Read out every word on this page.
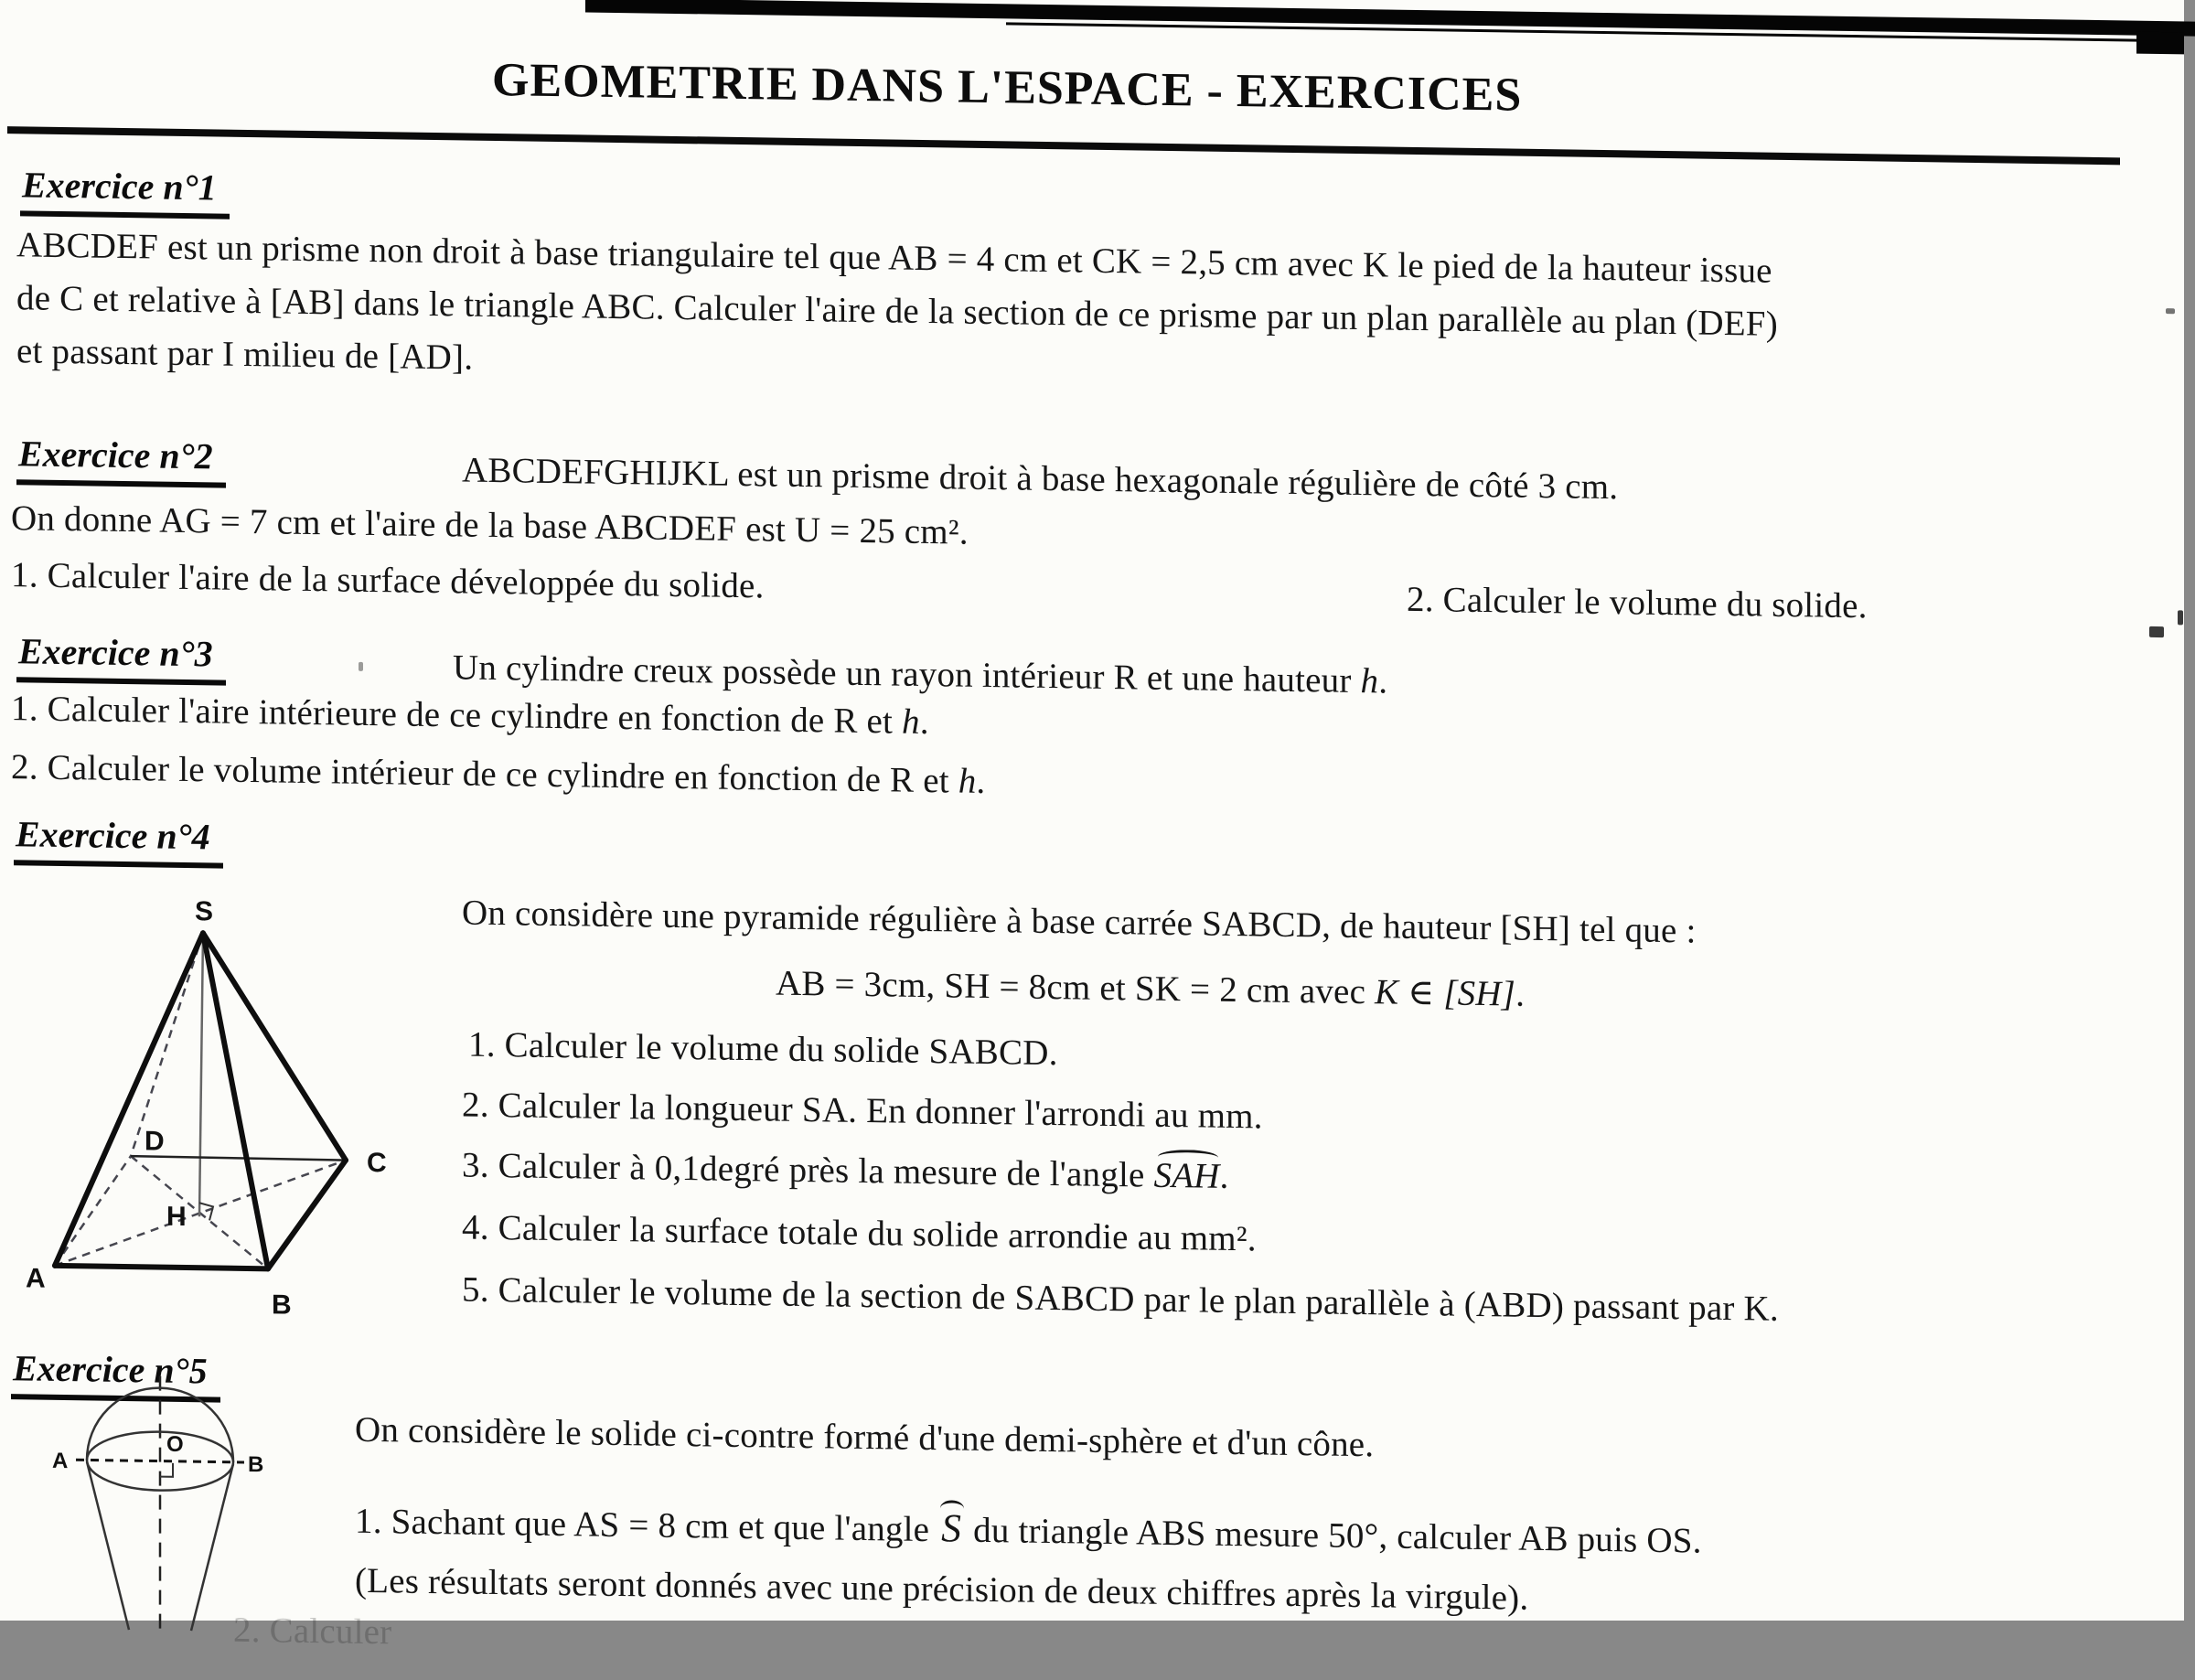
GEOMETRIE DANS L'ESPACE - EXERCICES
Exercice n°1
ABCDEF est un prisme non droit à base triangulaire tel que AB = 4 cm et CK = 2,5 cm avec K le pied de la hauteur issue
de C et relative à [AB] dans le triangle ABC. Calculer l'aire de la section de ce prisme par un plan parallèle au plan (DEF)
et passant par I milieu de [AD].
Exercice n°2	ABCDEFGHIJKL est un prisme droit à base hexagonale régulière de côté 3 cm.
On donne AG = 7 cm et l'aire de la base ABCDEF est U = 25 cm².
1. Calculer l'aire de la surface développée du solide.	2. Calculer le volume du solide.
Exercice n°3	Un cylindre creux possède un rayon intérieur R et une hauteur h.
1. Calculer l'aire intérieure de ce cylindre en fonction de R et h.
2. Calculer le volume intérieur de ce cylindre en fonction de R et h.
Exercice n°4
S
A
B
C
D
H
On considère une pyramide régulière à base carrée SABCD, de hauteur [SH] tel que :
AB = 3cm, SH = 8cm et SK = 2 cm avec K ∈ [SH].
1. Calculer le volume du solide SABCD.
2. Calculer la longueur SA. En donner l'arrondi au mm.
3. Calculer à 0,1degré près la mesure de l'angle SAH.
4. Calculer la surface totale du solide arrondie au mm².
5. Calculer le volume de la section de SABCD par le plan parallèle à (ABD) passant par K.
Exercice n°5
A
O
B
On considère le solide ci-contre formé d'une demi-sphère et d'un cône.
1. Sachant que AS = 8 cm et que l'angle S du triangle ABS mesure 50°, calculer AB puis OS.
(Les résultats seront donnés avec une précision de deux chiffres après la virgule).
2. Calculer
